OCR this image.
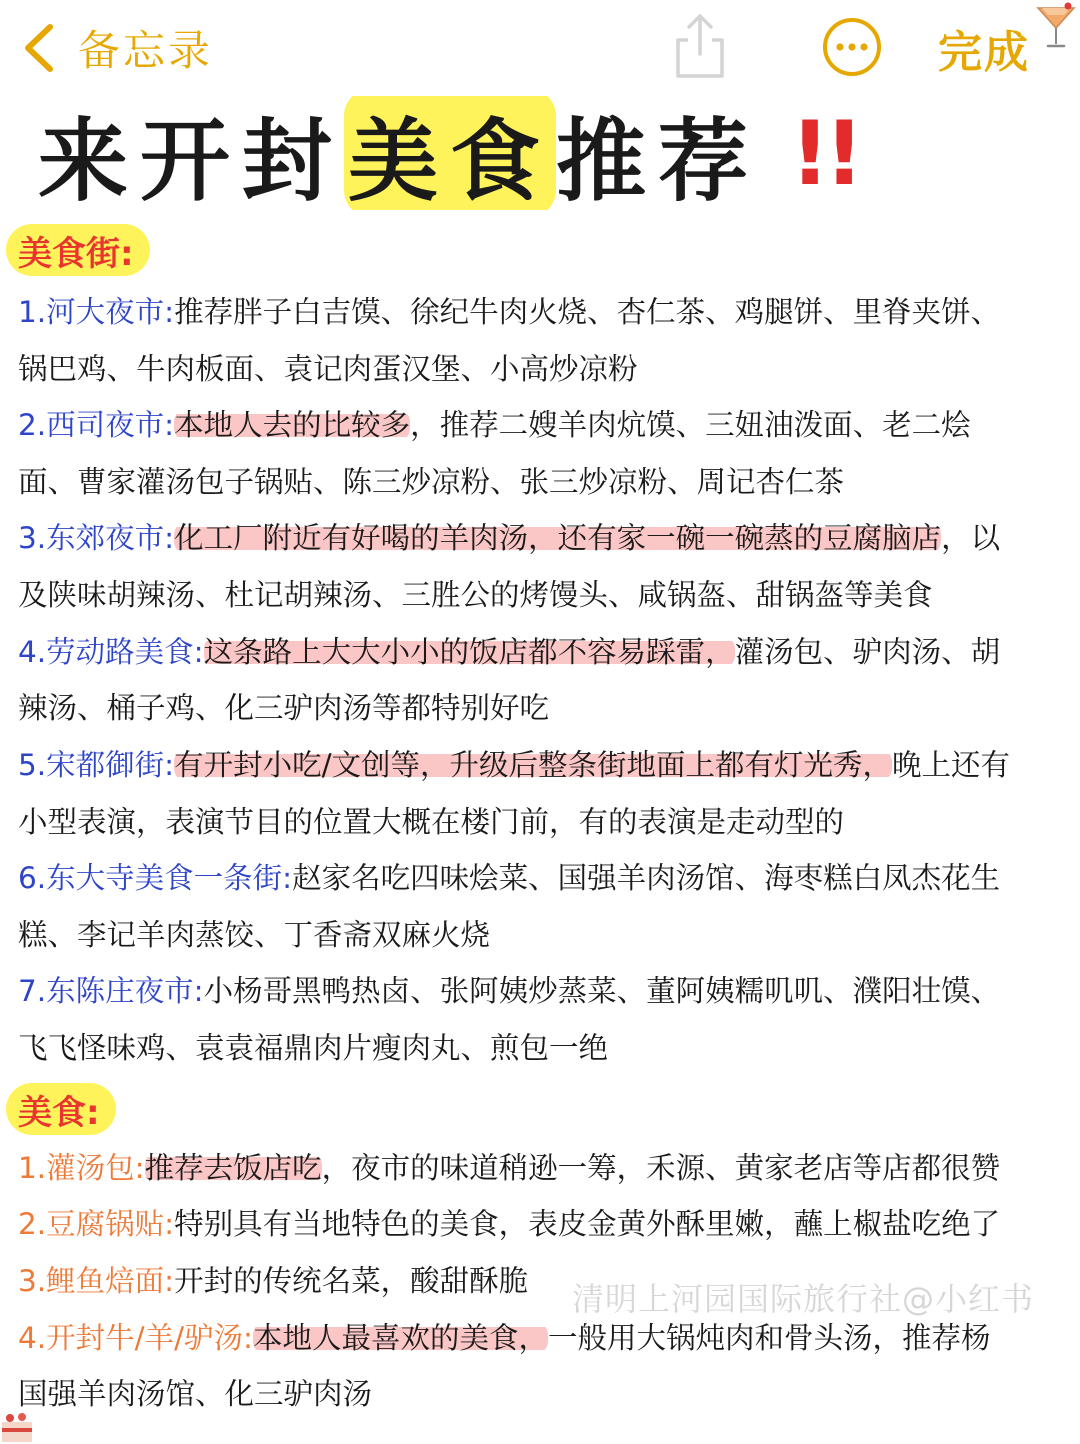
备忘录	完成
来开封 美食 推荐 !!
美食街:
1.河大夜市:推荐胖子白吉馍、徐纪牛肉火烧、杏仁茶、鸡腿饼、里脊夹饼、
锅巴鸡、牛肉板面、袁记肉蛋汉堡、小高炒凉粉
2.西司夜市:本地人去的比较多，推荐二嫂羊肉炕馍、三妞油泼面、老二烩
面、曹家灌汤包子锅贴、陈三炒凉粉、张三炒凉粉、周记杏仁茶
3.东郊夜市:化工厂附近有好喝的羊肉汤，还有家一碗一碗蒸的豆腐脑店，以
及陕味胡辣汤、杜记胡辣汤、三胜公的烤馒头、咸锅盔、甜锅盔等美食
4.劳动路美食:这条路上大大小小的饭店都不容易踩雷，灌汤包、驴肉汤、胡
辣汤、桶子鸡、化三驴肉汤等都特别好吃
5.宋都御街:有开封小吃/文创等，升级后整条街地面上都有灯光秀，晚上还有
小型表演，表演节目的位置大概在楼门前，有的表演是走动型的
6.东大寺美食一条街:赵家名吃四味烩菜、国强羊肉汤馆、海枣糕白凤杰花生
糕、李记羊肉蒸饺、丁香斋双麻火烧
7.东陈庄夜市:小杨哥黑鸭热卤、张阿姨炒蒸菜、董阿姨糯叽叽、濮阳壮馍、
飞飞怪味鸡、袁袁福鼎肉片瘦肉丸、煎包一绝
美食:
1.灌汤包:推荐去饭店吃，夜市的味道稍逊一筹，禾源、黄家老店等店都很赞
2.豆腐锅贴:特别具有当地特色的美食，表皮金黄外酥里嫩，蘸上椒盐吃绝了
3.鲤鱼焙面:开封的传统名菜，酸甜酥脆
4.开封牛/羊/驴汤:本地人最喜欢的美食，一般用大锅炖肉和骨头汤，推荐杨
国强羊肉汤馆、化三驴肉汤
清明上河园国际旅行社@小红书
